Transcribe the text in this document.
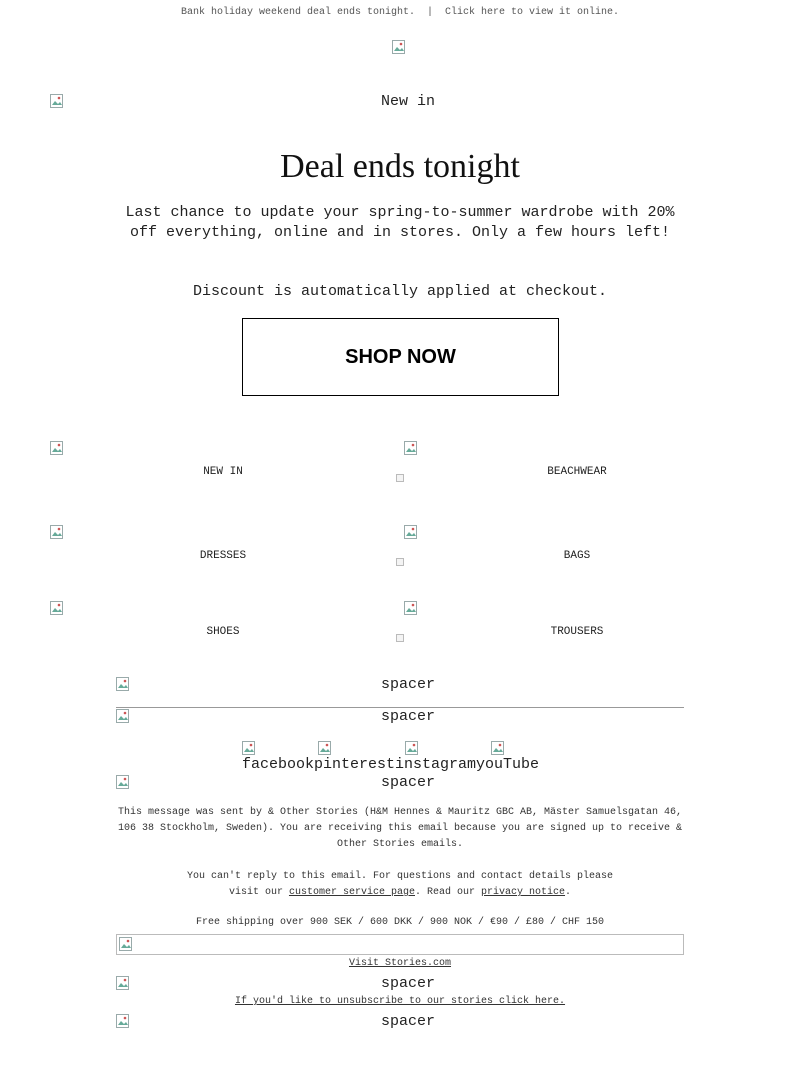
Bank holiday weekend deal ends tonight. | Click here to view it online.
New in
Deal ends tonight
Last chance to update your spring-to-summer wardrobe with 20% off everything, online and in stores. Only a few hours left!
Discount is automatically applied at checkout.
SHOP NOW
NEW IN	BEACHWEAR
DRESSES	BAGS
SHOES	TROUSERS
spacer
spacer
facebookpinterestinstagramyouTube
spacer
This message was sent by & Other Stories (H&M Hennes & Mauritz GBC AB, Mäster Samuelsgatan 46, 106 38 Stockholm, Sweden). You are receiving this email because you are signed up to receive & Other Stories emails.
You can't reply to this email. For questions and contact details please visit our customer service page. Read our privacy notice.
Free shipping over 900 SEK / 600 DKK / 900 NOK / €90 / £80 / CHF 150
Visit Stories.com
spacer
If you'd like to unsubscribe to our stories click here.
spacer
